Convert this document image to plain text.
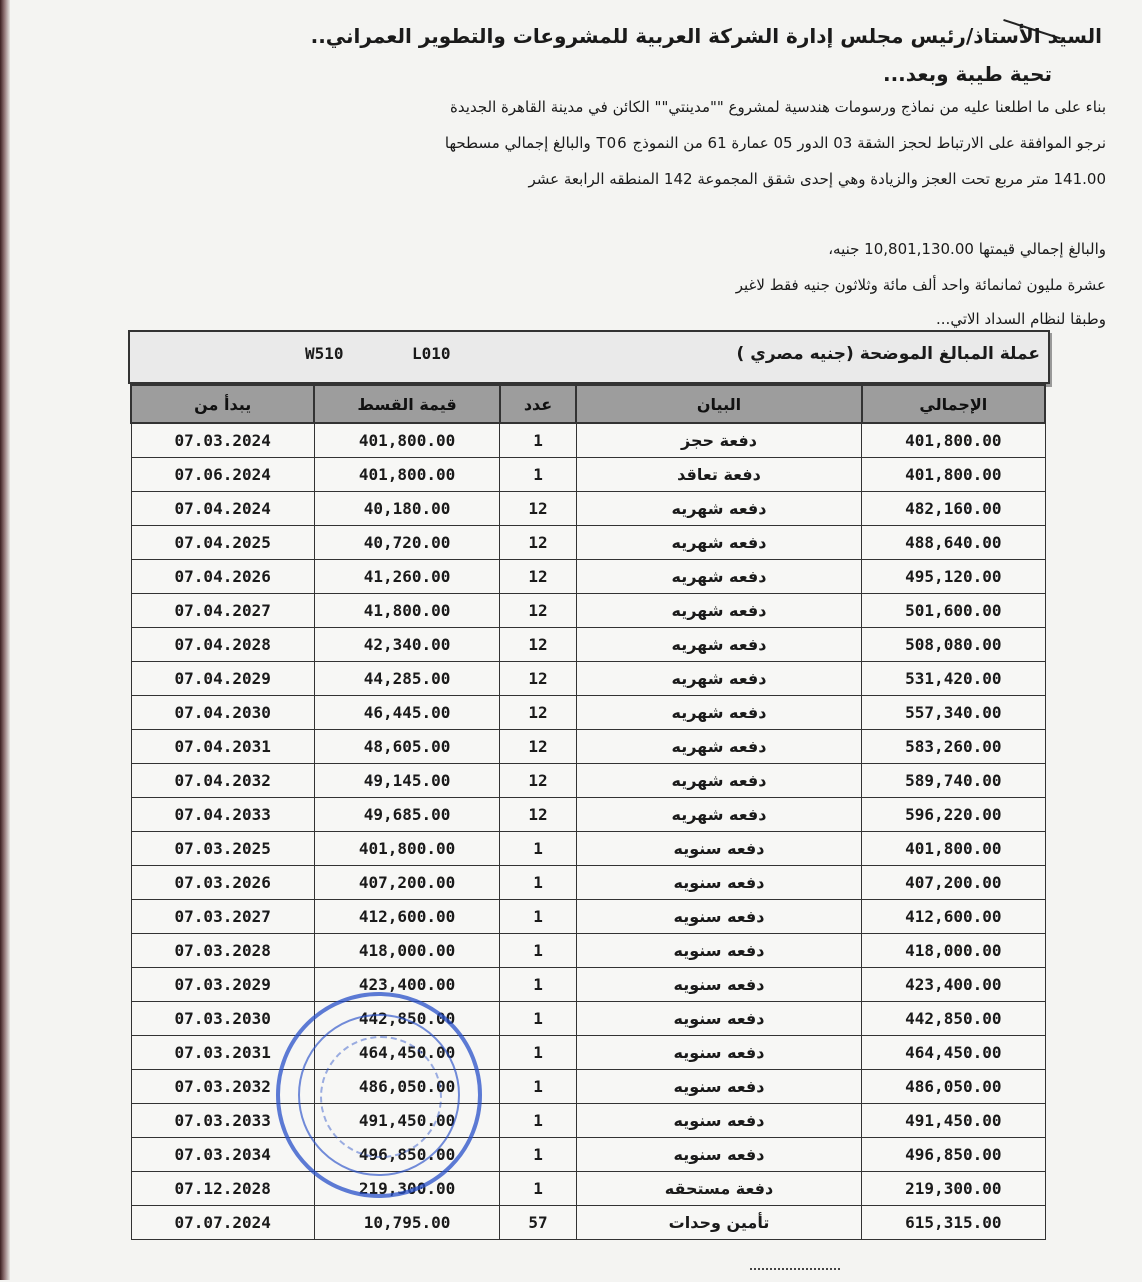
السيد الأستاذ/رئيس مجلس إدارة الشركة العربية للمشروعات والتطوير العمراني..
تحية طيبة وبعد...
بناء على ما اطلعنا عليه من نماذج ورسومات هندسية لمشروع ""مدينتي"" الكائن في مدينة القاهرة الجديدة
نرجو الموافقة على الارتباط لحجز الشقة 03 الدور 05 عمارة 61 من النموذج T06 والبالغ إجمالي مسطحها
141.00 متر مربع تحت العجز والزيادة وهي إحدى شقق المجموعة 142 المنطقه الرابعة عشر
والبالغ إجمالي قيمتها 10,801,130.00 جنيه،
عشرة مليون ثمانمائة واحد ألف مائة وثلاثون جنيه فقط لاغير
وطبقا لنظام السداد الاتي...
عملة المبالغ الموضحة (جنيه مصري )
W510	L010
الإجمالي	البيان	عدد	قيمة القسط	يبدأ من
401,800.00	دفعة حجز	1	401,800.00	07.03.2024
401,800.00	دفعة تعاقد	1	401,800.00	07.06.2024
482,160.00	دفعه شهريه	12	40,180.00	07.04.2024
488,640.00	دفعه شهريه	12	40,720.00	07.04.2025
495,120.00	دفعه شهريه	12	41,260.00	07.04.2026
501,600.00	دفعه شهريه	12	41,800.00	07.04.2027
508,080.00	دفعه شهريه	12	42,340.00	07.04.2028
531,420.00	دفعه شهريه	12	44,285.00	07.04.2029
557,340.00	دفعه شهريه	12	46,445.00	07.04.2030
583,260.00	دفعه شهريه	12	48,605.00	07.04.2031
589,740.00	دفعه شهريه	12	49,145.00	07.04.2032
596,220.00	دفعه شهريه	12	49,685.00	07.04.2033
401,800.00	دفعه سنويه	1	401,800.00	07.03.2025
407,200.00	دفعه سنويه	1	407,200.00	07.03.2026
412,600.00	دفعه سنويه	1	412,600.00	07.03.2027
418,000.00	دفعه سنويه	1	418,000.00	07.03.2028
423,400.00	دفعه سنويه	1	423,400.00	07.03.2029
442,850.00	دفعه سنويه	1	442,850.00	07.03.2030
464,450.00	دفعه سنويه	1	464,450.00	07.03.2031
486,050.00	دفعه سنويه	1	486,050.00	07.03.2032
491,450.00	دفعه سنويه	1	491,450.00	07.03.2033
496,850.00	دفعه سنويه	1	496,850.00	07.03.2034
219,300.00	دفعة مستحقه	1	219,300.00	07.12.2028
615,315.00	تأمين وحدات	57	10,795.00	07.07.2024
